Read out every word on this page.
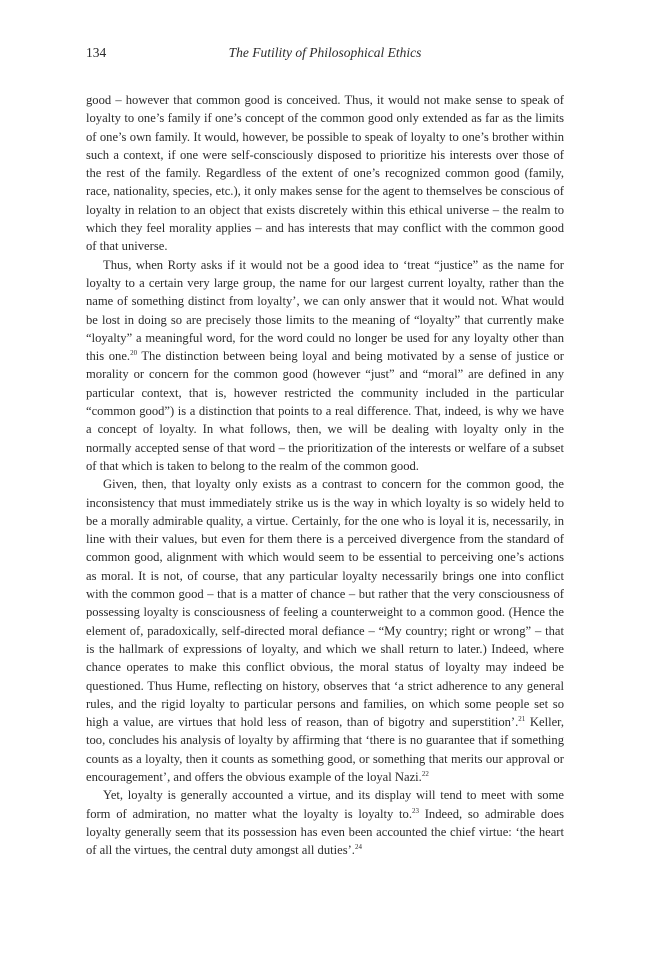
134	The Futility of Philosophical Ethics

good – however that common good is conceived. Thus, it would not make sense to speak of loyalty to one’s family if one’s concept of the common good only extended as far as the limits of one’s own family. It would, however, be possible to speak of loyalty to one’s brother within such a context, if one were self-consciously disposed to prioritize his interests over those of the rest of the family. Regardless of the extent of one’s recognized common good (family, race, nationality, species, etc.), it only makes sense for the agent to themselves be conscious of loyalty in relation to an object that exists discretely within this ethical universe – the realm to which they feel morality applies – and has interests that may conflict with the common good of that universe.

Thus, when Rorty asks if it would not be a good idea to ‘treat “justice” as the name for loyalty to a certain very large group, the name for our largest current loyalty, rather than the name of something distinct from loyalty’, we can only answer that it would not. What would be lost in doing so are precisely those limits to the meaning of “loyalty” that currently make “loyalty” a meaningful word, for the word could no longer be used for any loyalty other than this one.$^{20}$ The distinction between being loyal and being motivated by a sense of justice or morality or concern for the common good (however “just” and “moral” are defined in any particular context, that is, however restricted the community included in the particular “common good”) is a distinction that points to a real difference. That, indeed, is why we have a concept of loyalty. In what follows, then, we will be dealing with loyalty only in the normally accepted sense of that word – the prioritization of the interests or welfare of a subset of that which is taken to belong to the realm of the common good.

Given, then, that loyalty only exists as a contrast to concern for the common good, the inconsistency that must immediately strike us is the way in which loyalty is so widely held to be a morally admirable quality, a virtue. Certainly, for the one who is loyal it is, necessarily, in line with their values, but even for them there is a perceived divergence from the standard of common good, alignment with which would seem to be essential to perceiving one’s actions as moral. It is not, of course, that any particular loyalty necessarily brings one into conflict with the common good – that is a matter of chance – but rather that the very consciousness of possessing loyalty is consciousness of feeling a counterweight to a common good. (Hence the element of, paradoxically, self-directed moral defiance – “My country; right or wrong” – that is the hallmark of expressions of loyalty, and which we shall return to later.) Indeed, where chance operates to make this conflict obvious, the moral status of loyalty may indeed be questioned. Thus Hume, reflecting on history, observes that ‘a strict adherence to any general rules, and the rigid loyalty to particular persons and families, on which some people set so high a value, are virtues that hold less of reason, than of bigotry and superstition’.$^{21}$ Keller, too, concludes his analysis of loyalty by affirming that ‘there is no guarantee that if something counts as a loyalty, then it counts as something good, or something that merits our approval or encouragement’, and offers the obvious example of the loyal Nazi.$^{22}$

Yet, loyalty is generally accounted a virtue, and its display will tend to meet with some form of admiration, no matter what the loyalty is loyalty to.$^{23}$ Indeed, so admirable does loyalty generally seem that its possession has even been accounted the chief virtue: ‘the heart of all the virtues, the central duty amongst all duties’.$^{24}$
